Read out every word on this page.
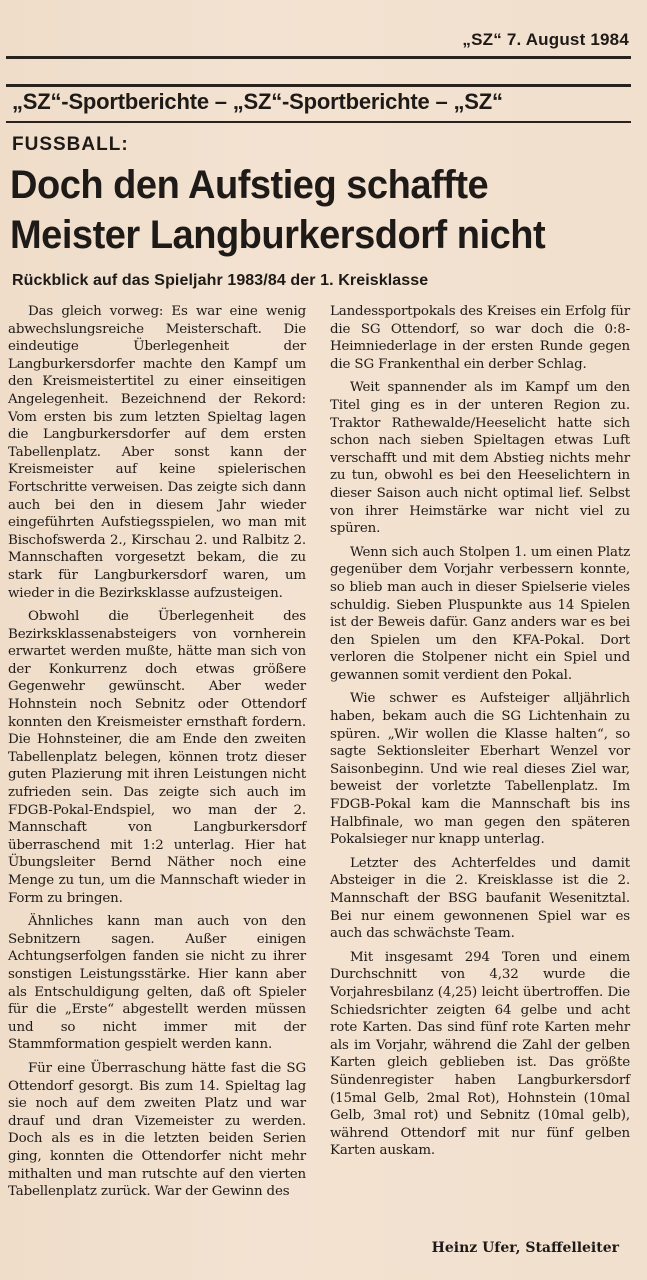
„SZ“ 7. August 1984
„SZ“-Sportberichte – „SZ“-Sportberichte – „SZ“
FUSSBALL:
Doch den Aufstieg schaffte
Meister Langburkersdorf nicht
Rückblick auf das Spieljahr 1983/84 der 1. Kreisklasse

Das gleich vorweg: Es war eine wenig abwechslungsreiche Meisterschaft. Die eindeutige Überlegenheit der Langburkersdorfer machte den Kampf um den Kreismeistertitel zu einer einseitigen Angelegenheit. Bezeichnend der Rekord: Vom ersten bis zum letzten Spieltag lagen die Langburkersdorfer auf dem ersten Tabellenplatz. Aber sonst kann der Kreismeister auf keine spielerischen Fortschritte verweisen. Das zeigte sich dann auch bei den in diesem Jahr wieder eingeführten Aufstiegsspielen, wo man mit Bischofswerda 2., Kirschau 2. und Ralbitz 2. Mannschaften vorgesetzt bekam, die zu stark für Langburkersdorf waren, um wieder in die Bezirksklasse aufzusteigen.

Obwohl die Überlegenheit des Bezirksklassenabsteigers von vornherein erwartet werden mußte, hätte man sich von der Konkurrenz doch etwas größere Gegenwehr gewünscht. Aber weder Hohnstein noch Sebnitz oder Ottendorf konnten den Kreismeister ernsthaft fordern. Die Hohnsteiner, die am Ende den zweiten Tabellenplatz belegen, können trotz dieser guten Plazierung mit ihren Leistungen nicht zufrieden sein. Das zeigte sich auch im FDGB-Pokal-Endspiel, wo man der 2. Mannschaft von Langburkersdorf überraschend mit 1:2 unterlag. Hier hat Übungsleiter Bernd Näther noch eine Menge zu tun, um die Mannschaft wieder in Form zu bringen.

Ähnliches kann man auch von den Sebnitzern sagen. Außer einigen Achtungserfolgen fanden sie nicht zu ihrer sonstigen Leistungsstärke. Hier kann aber als Entschuldigung gelten, daß oft Spieler für die „Erste“ abgestellt werden müssen und so nicht immer mit der Stammformation gespielt werden kann.

Für eine Überraschung hätte fast die SG Ottendorf gesorgt. Bis zum 14. Spieltag lag sie noch auf dem zweiten Platz und war drauf und dran Vizemeister zu werden. Doch als es in die letzten beiden Serien ging, konnten die Ottendorfer nicht mehr mithalten und man rutschte auf den vierten Tabellenplatz zurück. War der Gewinn des

Landessportpokals des Kreises ein Erfolg für die SG Ottendorf, so war doch die 0:8-Heimniederlage in der ersten Runde gegen die SG Frankenthal ein derber Schlag.

Weit spannender als im Kampf um den Titel ging es in der unteren Region zu. Traktor Rathewalde/Heeselicht hatte sich schon nach sieben Spieltagen etwas Luft verschafft und mit dem Abstieg nichts mehr zu tun, obwohl es bei den Heeselichtern in dieser Saison auch nicht optimal lief. Selbst von ihrer Heimstärke war nicht viel zu spüren.

Wenn sich auch Stolpen 1. um einen Platz gegenüber dem Vorjahr verbessern konnte, so blieb man auch in dieser Spielserie vieles schuldig. Sieben Pluspunkte aus 14 Spielen ist der Beweis dafür. Ganz anders war es bei den Spielen um den KFA-Pokal. Dort verloren die Stolpener nicht ein Spiel und gewannen somit verdient den Pokal.

Wie schwer es Aufsteiger alljährlich haben, bekam auch die SG Lichtenhain zu spüren. „Wir wollen die Klasse halten“, so sagte Sektionsleiter Eberhart Wenzel vor Saisonbeginn. Und wie real dieses Ziel war, beweist der vorletzte Tabellenplatz. Im FDGB-Pokal kam die Mannschaft bis ins Halbfinale, wo man gegen den späteren Pokalsieger nur knapp unterlag.

Letzter des Achterfeldes und damit Absteiger in die 2. Kreisklasse ist die 2. Mannschaft der BSG baufanit Wesenitztal. Bei nur einem gewonnenen Spiel war es auch das schwächste Team.

Mit insgesamt 294 Toren und einem Durchschnitt von 4,32 wurde die Vorjahresbilanz (4,25) leicht übertroffen. Die Schiedsrichter zeigten 64 gelbe und acht rote Karten. Das sind fünf rote Karten mehr als im Vorjahr, während die Zahl der gelben Karten gleich geblieben ist. Das größte Sündenregister haben Langburkersdorf (15mal Gelb, 2mal Rot), Hohnstein (10mal Gelb, 3mal rot) und Sebnitz (10mal gelb), während Ottendorf mit nur fünf gelben Karten auskam.

Heinz Ufer, Staffelleiter
